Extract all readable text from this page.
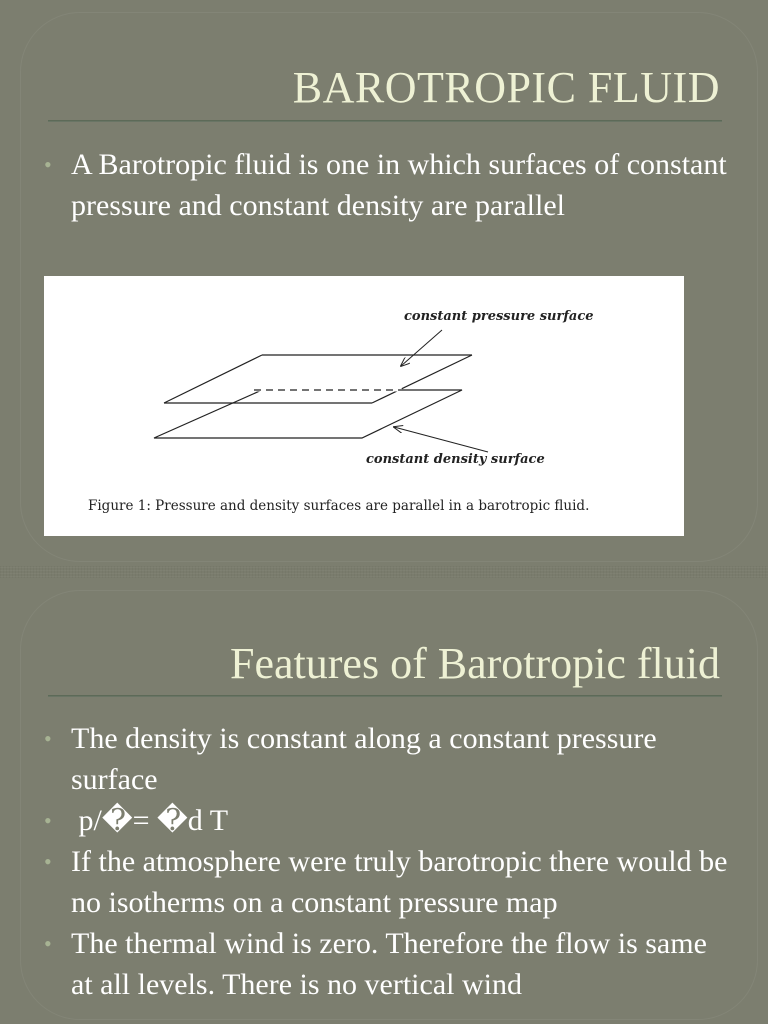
BAROTROPIC FLUID
• A Barotropic fluid is one in which surfaces of constant pressure and constant density are parallel
constant pressure surface
constant density surface
Figure 1: Pressure and density surfaces are parallel in a barotropic fluid.
Features of Barotropic fluid
• The density is constant along a constant pressure surface
• p/�= �d T
• If the atmosphere were truly barotropic there would be no isotherms on a constant pressure map
• The thermal wind is zero. Therefore the flow is same at all levels. There is no vertical wind
